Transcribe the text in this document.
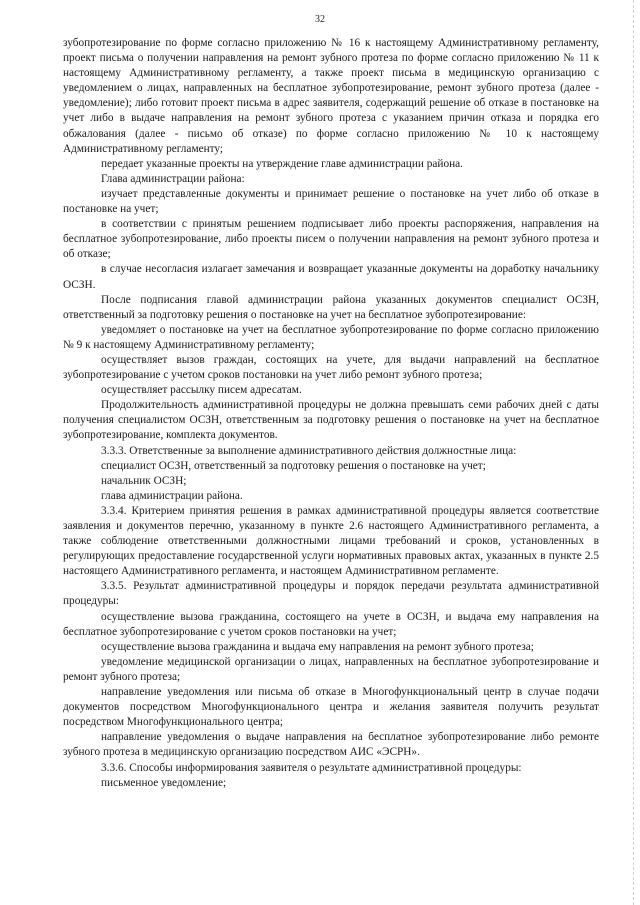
32

зубопротезирование по форме согласно приложению № 16 к настоящему Административному регламенту, проект письма о получении направления на ремонт зубного протеза по форме согласно приложению № 11 к настоящему Административному регламенту, а также проект письма в медицинскую организацию с уведомлением о лицах, направленных на бесплатное зубопротезирование, ремонт зубного протеза (далее - уведомление); либо готовит проект письма в адрес заявителя, содержащий решение об отказе в постановке на учет либо в выдаче направления на ремонт зубного протеза с указанием причин отказа и порядка его обжалования (далее - письмо об отказе) по форме согласно приложению № 10 к настоящему Административному регламенту;

передает указанные проекты на утверждение главе администрации района.

Глава администрации района:

изучает представленные документы и принимает решение о постановке на учет либо об отказе в постановке на учет;

в соответствии с принятым решением подписывает либо проекты распоряжения, направления на бесплатное зубопротезирование, либо проекты писем о получении направления на ремонт зубного протеза и об отказе;

в случае несогласия излагает замечания и возвращает указанные документы на доработку начальнику ОСЗН.

После подписания главой администрации района указанных документов специалист ОСЗН, ответственный за подготовку решения о постановке на учет на бесплатное зубопротезирование:

уведомляет о постановке на учет на бесплатное зубопротезирование по форме согласно приложению № 9 к настоящему Административному регламенту;

осуществляет вызов граждан, состоящих на учете, для выдачи направлений на бесплатное зубопротезирование с учетом сроков постановки на учет либо ремонт зубного протеза;

осуществляет рассылку писем адресатам.

Продолжительность административной процедуры не должна превышать семи рабочих дней с даты получения специалистом ОСЗН, ответственным за подготовку решения о постановке на учет на бесплатное зубопротезирование, комплекта документов.

3.3.3. Ответственные за выполнение административного действия должностные лица:

специалист ОСЗН, ответственный за подготовку решения о постановке на учет;

начальник ОСЗН;

глава администрации района.

3.3.4. Критерием принятия решения в рамках административной процедуры является соответствие заявления и документов перечню, указанному в пункте 2.6 настоящего Административного регламента, а также соблюдение ответственными должностными лицами требований и сроков, установленных в регулирующих предоставление государственной услуги нормативных правовых актах, указанных в пункте 2.5 настоящего Административного регламента, и настоящем Административном регламенте.

3.3.5. Результат административной процедуры и порядок передачи результата административной процедуры:

осуществление вызова гражданина, состоящего на учете в ОСЗН, и выдача ему направления на бесплатное зубопротезирование с учетом сроков постановки на учет;

осуществление вызова гражданина и выдача ему направления на ремонт зубного протеза;

уведомление медицинской организации о лицах, направленных на бесплатное зубопротезирование и ремонт зубного протеза;

направление уведомления или письма об отказе в Многофункциональный центр в случае подачи документов посредством Многофункционального центра и желания заявителя получить результат посредством Многофункционального центра;

направление уведомления о выдаче направления на бесплатное зубопротезирование либо ремонте зубного протеза в медицинскую организацию посредством АИС «ЭСРН».

3.3.6. Способы информирования заявителя о результате административной процедуры:

письменное уведомление;
